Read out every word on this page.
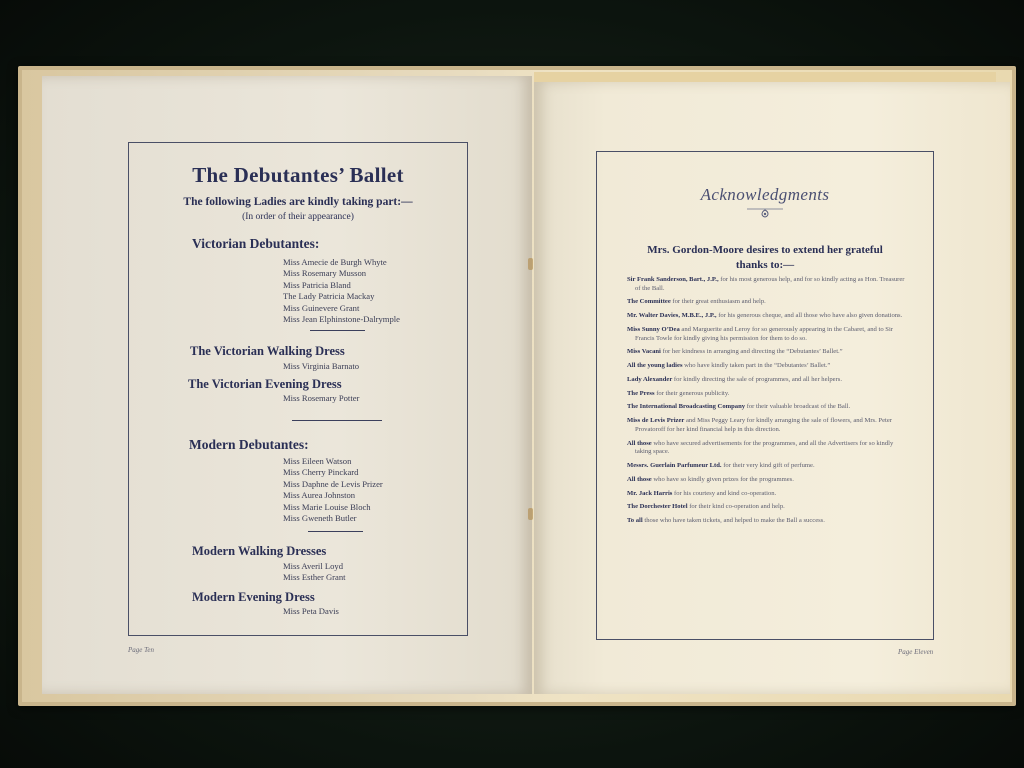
The Debutantes’ Ballet
The following Ladies are kindly taking part:—
(In order of their appearance)
Victorian Debutantes:
Miss Amecie de Burgh Whyte
Miss Rosemary Musson
Miss Patricia Bland
The Lady Patricia Mackay
Miss Guinevere Grant
Miss Jean Elphinstone-Dalrymple
The Victorian Walking Dress
Miss Virginia Barnato
The Victorian Evening Dress
Miss Rosemary Potter
Modern Debutantes:
Miss Eileen Watson
Miss Cherry Pinckard
Miss Daphne de Levis Prizer
Miss Aurea Johnston
Miss Marie Louise Bloch
Miss Gweneth Butler
Modern Walking Dresses
Miss Averil Loyd
Miss Esther Grant
Modern Evening Dress
Miss Peta Davis
Page Ten
Acknowledgments
Mrs. Gordon-Moore desires to extend her grateful thanks to:—
Sir Frank Sanderson, Bart., J.P., for his most generous help, and for so kindly acting as Hon. Treasurer of the Ball.
The Committee for their great enthusiasm and help.
Mr. Walter Davies, M.B.E., J.P., for his generous cheque, and all those who have also given donations.
Miss Sunny O’Dea and Marguerite and Leroy for so generously appearing in the Cabaret, and to Sir Francis Towle for kindly giving his permission for them to do so.
Miss Vacani for her kindness in arranging and directing the “Debutantes’ Ballet.”
All the young ladies who have kindly taken part in the “Debutantes’ Ballet.”
Lady Alexander for kindly directing the sale of programmes, and all her helpers.
The Press for their generous publicity.
The International Broadcasting Company for their valuable broadcast of the Ball.
Miss de Levis Prizer and Miss Peggy Leary for kindly arranging the sale of flowers, and Mrs. Peter Provatoroff for her kind financial help in this direction.
All those who have secured advertisements for the programmes, and all the Advertisers for so kindly taking space.
Messrs. Guerlain Parfumeur Ltd. for their very kind gift of perfume.
All those who have so kindly given prizes for the programmes.
Mr. Jack Harris for his courtesy and kind co-operation.
The Dorchester Hotel for their kind co-operation and help.
To all those who have taken tickets, and helped to make the Ball a success.
Page Eleven
